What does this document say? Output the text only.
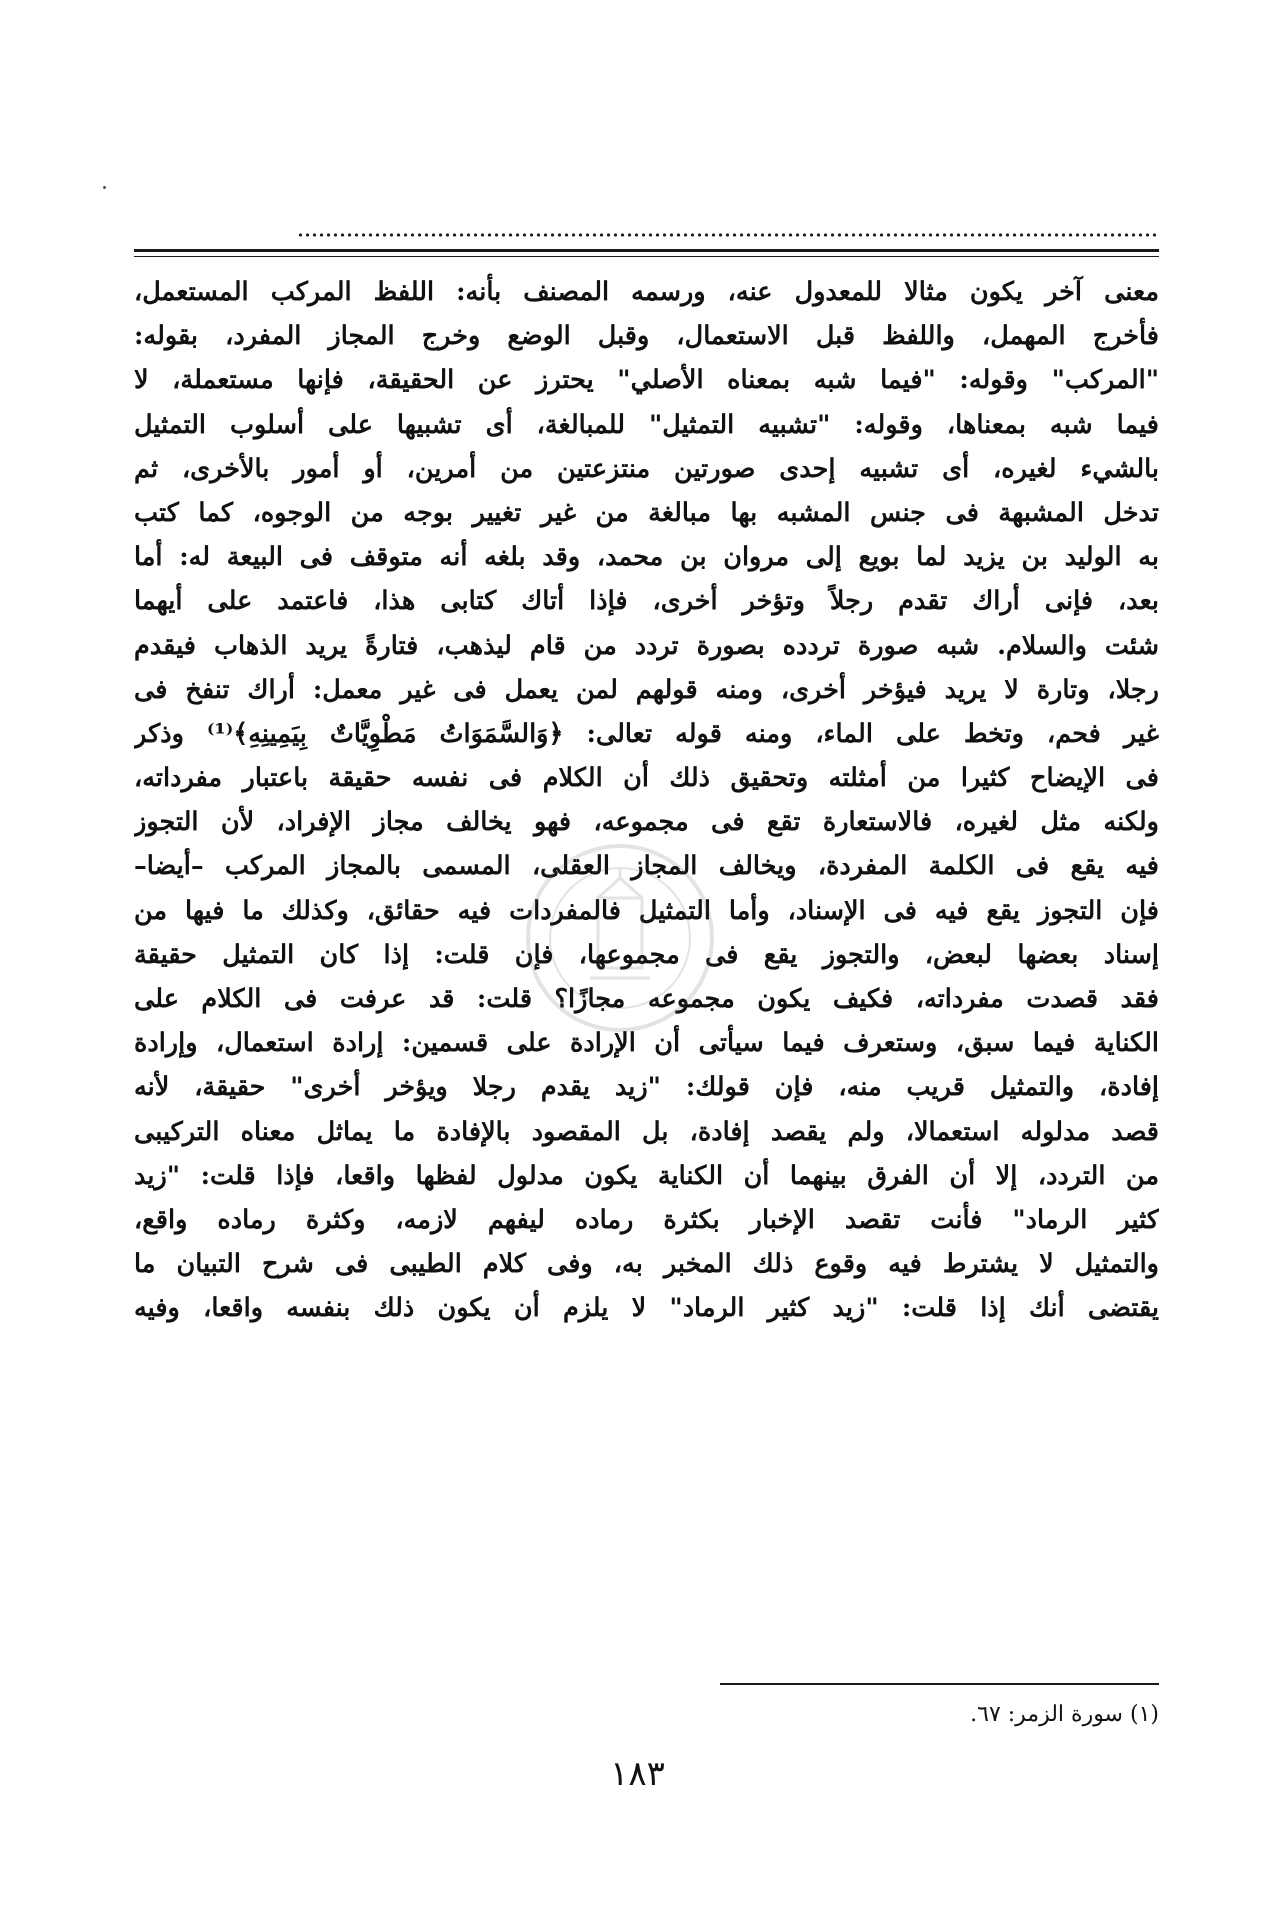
معنى آخر يكون مثالا للمعدول عنه، ورسمه المصنف بأنه: اللفظ المركب المستعمل،
فأخرج المهمل، واللفظ قبل الاستعمال، وقبل الوضع وخرج المجاز المفرد، بقوله:
"المركب" وقوله: "فيما شبه بمعناه الأصلي" يحترز عن الحقيقة، فإنها مستعملة، لا
فيما شبه بمعناها، وقوله: "تشبيه التمثيل" للمبالغة، أى تشبيها على أسلوب التمثيل
بالشيء لغيره، أى تشبيه إحدى صورتين منتزعتين من أمرين، أو أمور بالأخرى، ثم
تدخل المشبهة فى جنس المشبه بها مبالغة من غير تغيير بوجه من الوجوه، كما كتب
به الوليد بن يزيد لما بويع إلى مروان بن محمد، وقد بلغه أنه متوقف فى البيعة له: أما
بعد، فإنى أراك تقدم رجلاً وتؤخر أخرى، فإذا أتاك كتابى هذا، فاعتمد على أيهما
شئت والسلام. شبه صورة تردده بصورة تردد من قام ليذهب، فتارةً يريد الذهاب فيقدم
رجلا، وتارة لا يريد فيؤخر أخرى، ومنه قولهم لمن يعمل فى غير معمل: أراك تنفخ فى
غير فحم، وتخط على الماء، ومنه قوله تعالى: ﴿وَالسَّمَوَاتُ مَطْوِيَّاتٌ بِيَمِينِهِ﴾⁽¹⁾ وذكر
فى الإيضاح كثيرا من أمثلته وتحقيق ذلك أن الكلام فى نفسه حقيقة باعتبار مفرداته،
ولكنه مثل لغيره، فالاستعارة تقع فى مجموعه، فهو يخالف مجاز الإفراد، لأن التجوز
فيه يقع فى الكلمة المفردة، ويخالف المجاز العقلى، المسمى بالمجاز المركب –أيضا–
فإن التجوز يقع فيه فى الإسناد، وأما التمثيل فالمفردات فيه حقائق، وكذلك ما فيها من
إسناد بعضها لبعض، والتجوز يقع فى مجموعها، فإن قلت: إذا كان التمثيل حقيقة
فقد قصدت مفرداته، فكيف يكون مجموعه مجازًا؟ قلت: قد عرفت فى الكلام على
الكناية فيما سبق، وستعرف فيما سيأتى أن الإرادة على قسمين: إرادة استعمال، وإرادة
إفادة، والتمثيل قريب منه، فإن قولك: "زيد يقدم رجلا ويؤخر أخرى" حقيقة، لأنه
قصد مدلوله استعمالا، ولم يقصد إفادة، بل المقصود بالإفادة ما يماثل معناه التركيبى
من التردد، إلا أن الفرق بينهما أن الكناية يكون مدلول لفظها واقعا، فإذا قلت: "زيد
كثير الرماد" فأنت تقصد الإخبار بكثرة رماده ليفهم لازمه، وكثرة رماده واقع،
والتمثيل لا يشترط فيه وقوع ذلك المخبر به، وفى كلام الطيبى فى شرح التبيان ما
يقتضى أنك إذا قلت: "زيد كثير الرماد" لا يلزم أن يكون ذلك بنفسه واقعا، وفيه
(١) سورة الزمر: ٦٧.
١٨٣
